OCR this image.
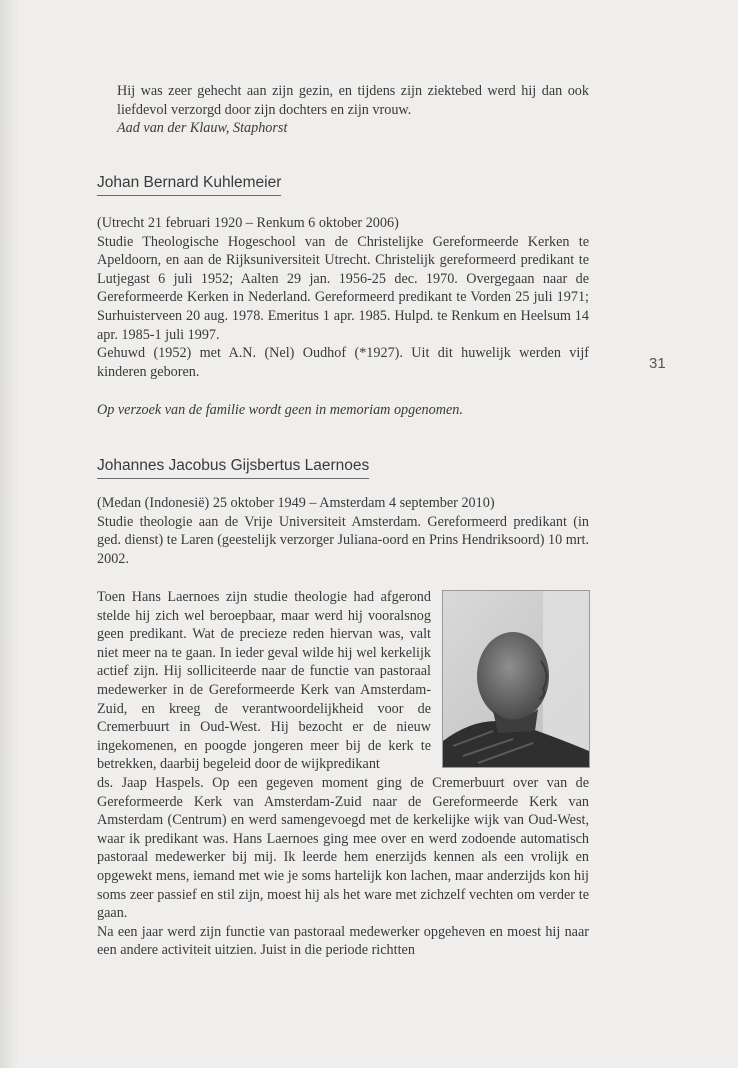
31

Hij was zeer gehecht aan zijn gezin, en tijdens zijn ziektebed werd hij dan ook liefdevol verzorgd door zijn dochters en zijn vrouw.

Aad van der Klauw, Staphorst

Johan Bernard Kuhlemeier

(Utrecht 21 februari 1920 – Renkum 6 oktober 2006)

Studie Theologische Hogeschool van de Christelijke Gereformeerde Kerken te Apeldoorn, en aan de Rijksuniversiteit Utrecht. Christelijk gereformeerd predikant te Lutjegast 6 juli 1952; Aalten 29 jan. 1956-25 dec. 1970. Overgegaan naar de Gereformeerde Kerken in Nederland. Gereformeerd predikant te Vorden 25 juli 1971; Surhuisterveen 20 aug. 1978. Emeritus 1 apr. 1985. Hulpd. te Renkum en Heelsum 14 apr. 1985-1 juli 1997.

Gehuwd (1952) met A.N. (Nel) Oudhof (*1927). Uit dit huwelijk werden vijf kinderen geboren.

Op verzoek van de familie wordt geen in memoriam opgenomen.

Johannes Jacobus Gijsbertus Laernoes

(Medan (Indonesië) 25 oktober 1949 – Amsterdam 4 september 2010)

Studie theologie aan de Vrije Universiteit Amsterdam. Gereformeerd predikant (in ged. dienst) te Laren (geestelijk verzorger Juliana-oord en Prins Hendriksoord) 10 mrt. 2002.

Toen Hans Laernoes zijn studie theologie had afgerond stelde hij zich wel beroepbaar, maar werd hij vooralsnog geen predikant. Wat de precieze reden hiervan was, valt niet meer na te gaan. In ieder geval wilde hij wel kerkelijk actief zijn. Hij solliciteerde naar de functie van pastoraal medewerker in de Gereformeerde Kerk van Amsterdam-Zuid, en kreeg de verantwoordelijkheid voor de Cremerbuurt in Oud-West. Hij bezocht er de nieuw ingekomenen, en poogde jongeren meer bij de kerk te betrekken, daarbij begeleid door de wijkpredikant

ds. Jaap Haspels. Op een gegeven moment ging de Cremerbuurt over van de Gereformeerde Kerk van Amsterdam-Zuid naar de Gereformeerde Kerk van Amsterdam (Centrum) en werd samengevoegd met de kerkelijke wijk van Oud-West, waar ik predikant was. Hans Laernoes ging mee over en werd zodoende automatisch pastoraal medewerker bij mij. Ik leerde hem enerzijds kennen als een vrolijk en opgewekt mens, iemand met wie je soms hartelijk kon lachen, maar anderzijds kon hij soms zeer passief en stil zijn, moest hij als het ware met zichzelf vechten om verder te gaan.

Na een jaar werd zijn functie van pastoraal medewerker opgeheven en moest hij naar een andere activiteit uitzien. Juist in die periode richtten
